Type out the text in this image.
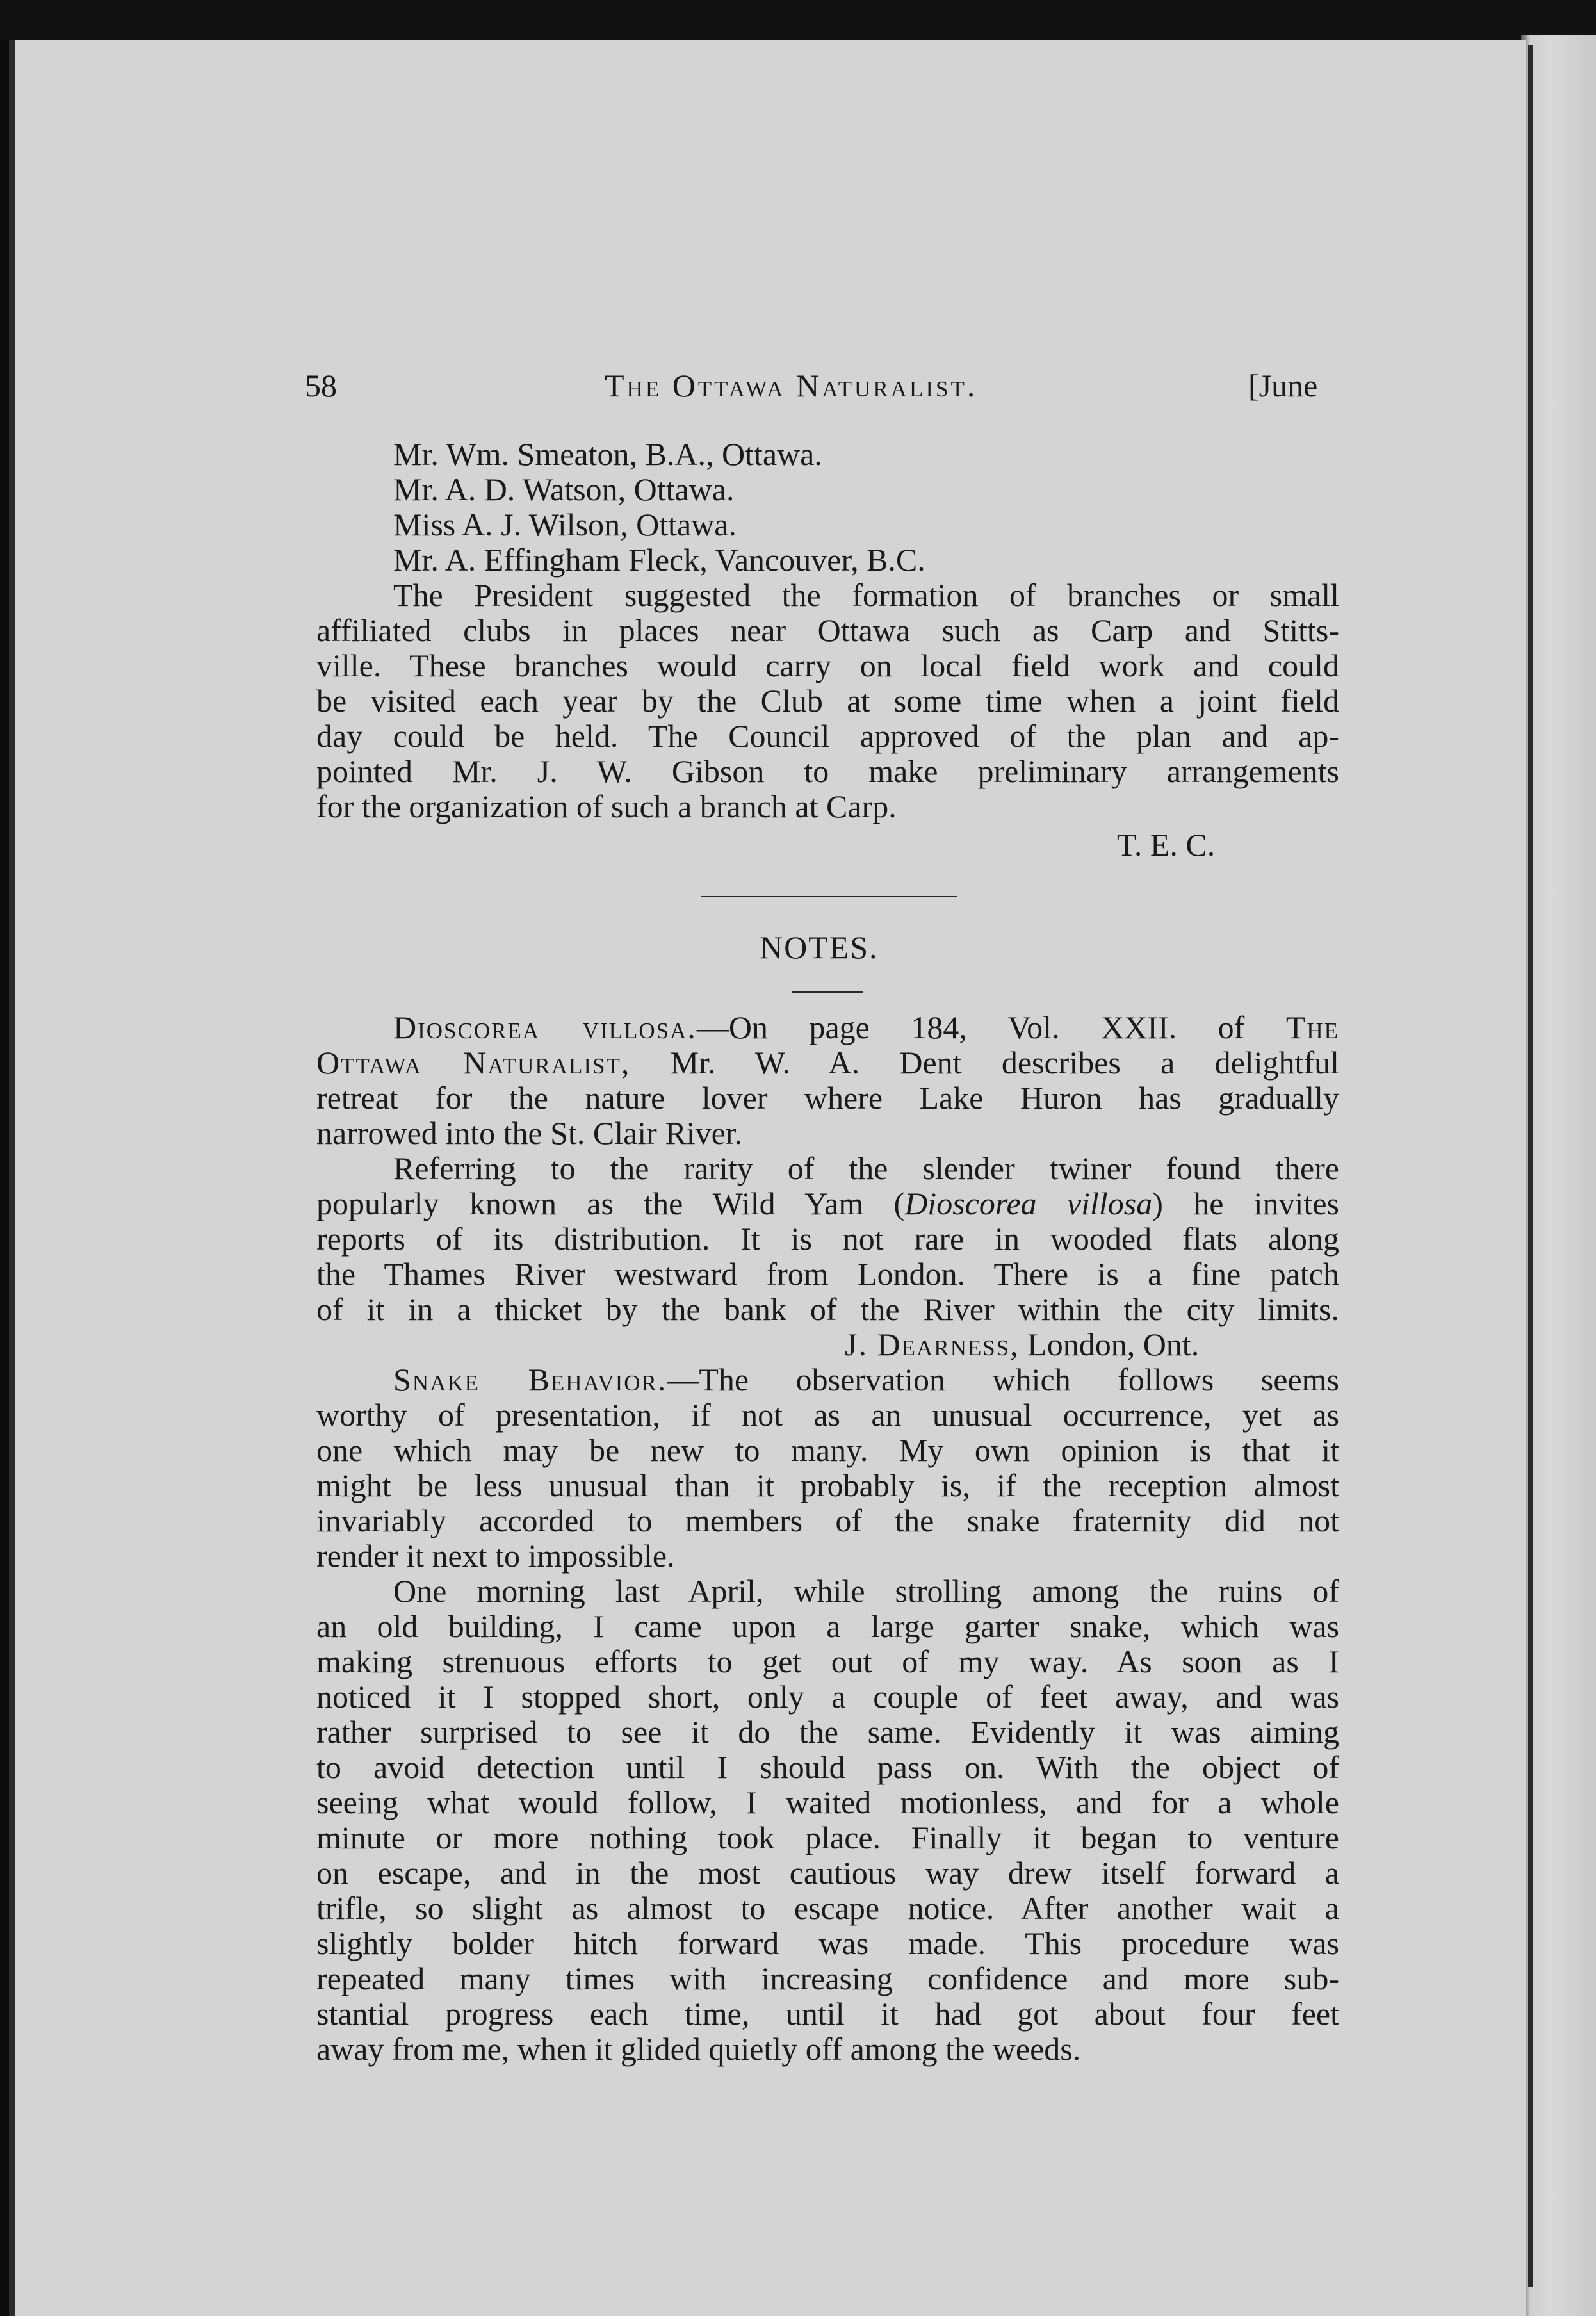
58	The Ottawa Naturalist.	[June
Mr. Wm. Smeaton, B.A., Ottawa.
Mr. A. D. Watson, Ottawa.
Miss A. J. Wilson, Ottawa.
Mr. A. Effingham Fleck, Vancouver, B.C.
The President suggested the formation of branches or small
affiliated clubs in places near Ottawa such as Carp and Stitts-
ville. These branches would carry on local field work and could
be visited each year by the Club at some time when a joint field
day could be held. The Council approved of the plan and ap-
pointed Mr. J. W. Gibson to make preliminary arrangements
for the organization of such a branch at Carp.
T. E. C.
NOTES.
Dioscorea villosa.—On page 184, Vol. XXII. of The
Ottawa Naturalist, Mr. W. A. Dent describes a delightful
retreat for the nature lover where Lake Huron has gradually
narrowed into the St. Clair River.
Referring to the rarity of the slender twiner found there
popularly known as the Wild Yam (Dioscorea villosa) he invites
reports of its distribution. It is not rare in wooded flats along
the Thames River westward from London. There is a fine patch
of it in a thicket by the bank of the River within the city limits.
J. Dearness, London, Ont.
Snake Behavior.—The observation which follows seems
worthy of presentation, if not as an unusual occurrence, yet as
one which may be new to many. My own opinion is that it
might be less unusual than it probably is, if the reception almost
invariably accorded to members of the snake fraternity did not
render it next to impossible.
One morning last April, while strolling among the ruins of
an old building, I came upon a large garter snake, which was
making strenuous efforts to get out of my way. As soon as I
noticed it I stopped short, only a couple of feet away, and was
rather surprised to see it do the same. Evidently it was aiming
to avoid detection until I should pass on. With the object of
seeing what would follow, I waited motionless, and for a whole
minute or more nothing took place. Finally it began to venture
on escape, and in the most cautious way drew itself forward a
trifle, so slight as almost to escape notice. After another wait a
slightly bolder hitch forward was made. This procedure was
repeated many times with increasing confidence and more sub-
stantial progress each time, until it had got about four feet
away from me, when it glided quietly off among the weeds.
